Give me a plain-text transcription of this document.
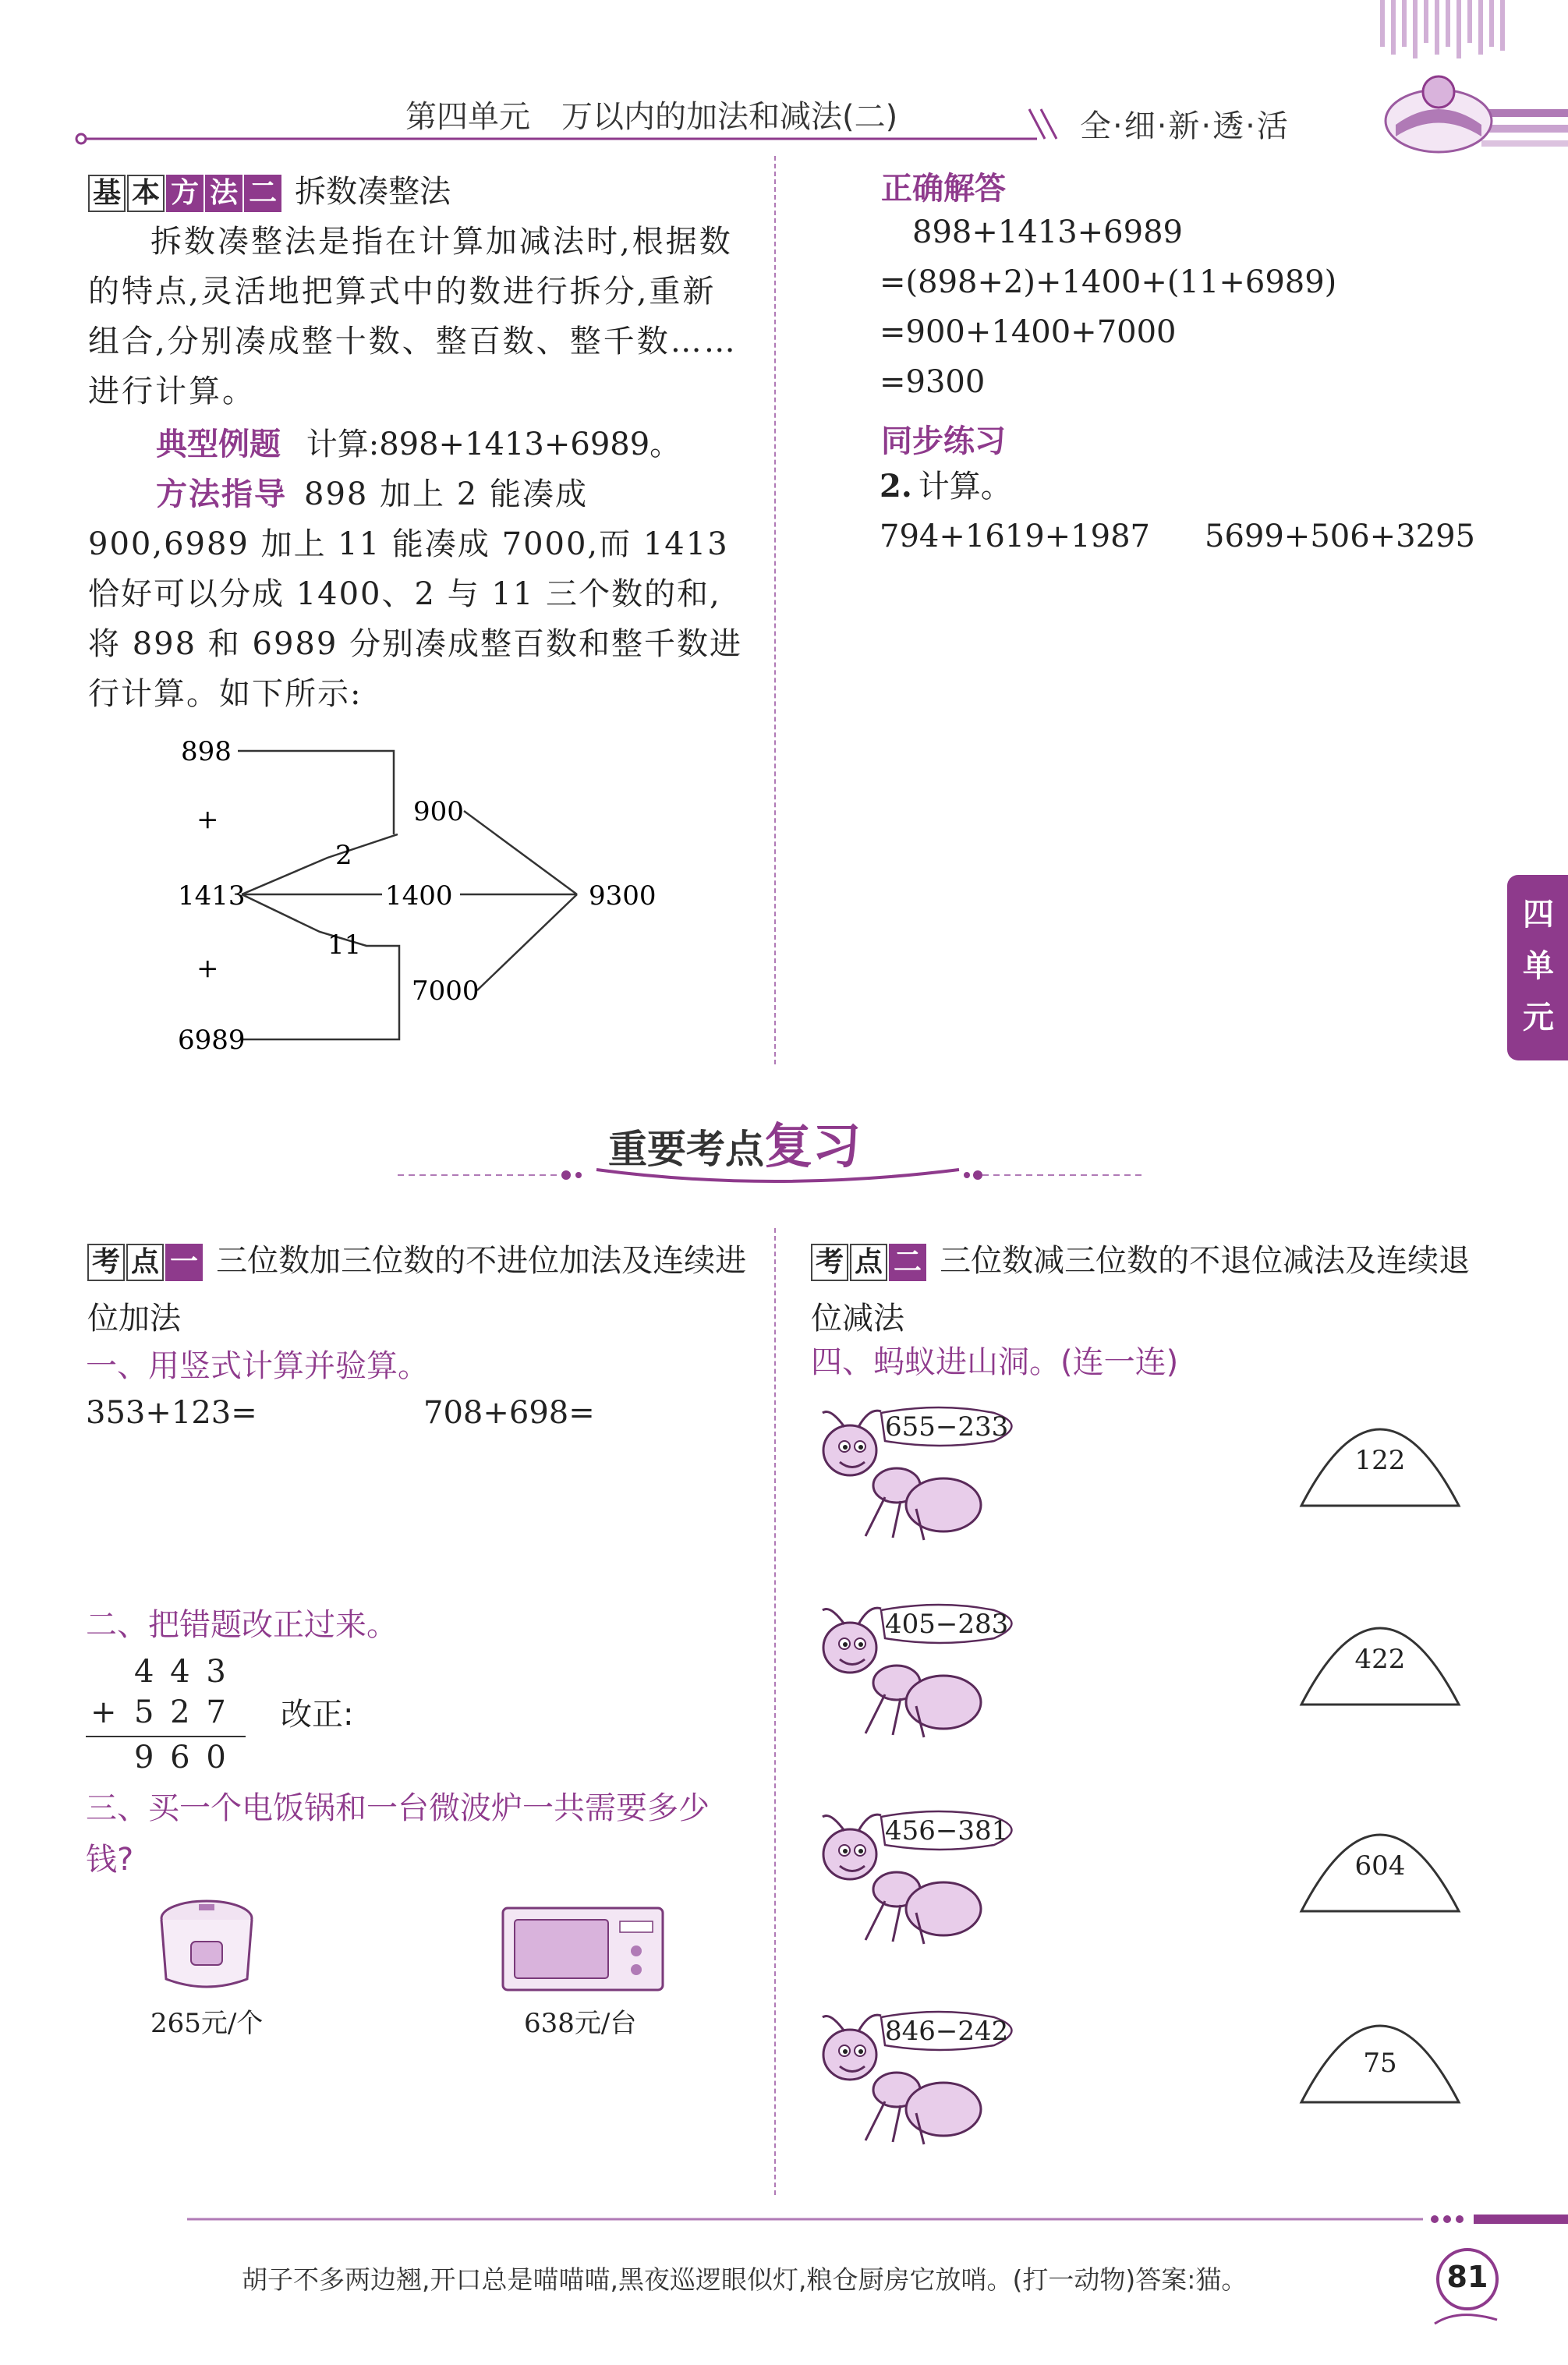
第四单元　万以内的加法和减法(二)	全·细·新·透·活
四单元
基 本 方 法 二 拆数凑整法
拆数凑整法是指在计算加减法时,根据数的特点,灵活地把算式中的数进行拆分,重新组合,分别凑成整十数、整百数、整千数……进行计算。
典型例题 计算:898+1413+6989。
方法指导 898 加上 2 能凑成 900,6989 加上 11 能凑成 7000,而 1413 恰好可以分成 1400、2 与 11 三个数的和,将 898 和 6989 分别凑成整百数和整千数进行计算。如下所示:
898
+
1413
+
6989
2
11
1400
900
7000
9300
正确解答
898+1413+6989
=(898+2)+1400+(11+6989)
=900+1400+7000
=9300
同步练习
2. 计算。
794+1619+1987 5699+506+3295
重要考点复习
考 点 一 三位数加三位数的不进位加法及连续进位加法
一、用竖式计算并验算。
353+123=	708+698=
二、把错题改正过来。
4 4 3
+ 5 2 7
9 6 0
改正:
三、买一个电饭锅和一台微波炉一共需要多少钱?
265元/个	638元/台
考 点 二 三位数减三位数的不退位减法及连续退位减法
四、蚂蚁进山洞。(连一连)
655−233
405−283
456−381
846−242
122
422
604
75
胡子不多两边翘,开口总是喵喵喵,黑夜巡逻眼似灯,粮仓厨房它放哨。(打一动物)答案:猫。	81
